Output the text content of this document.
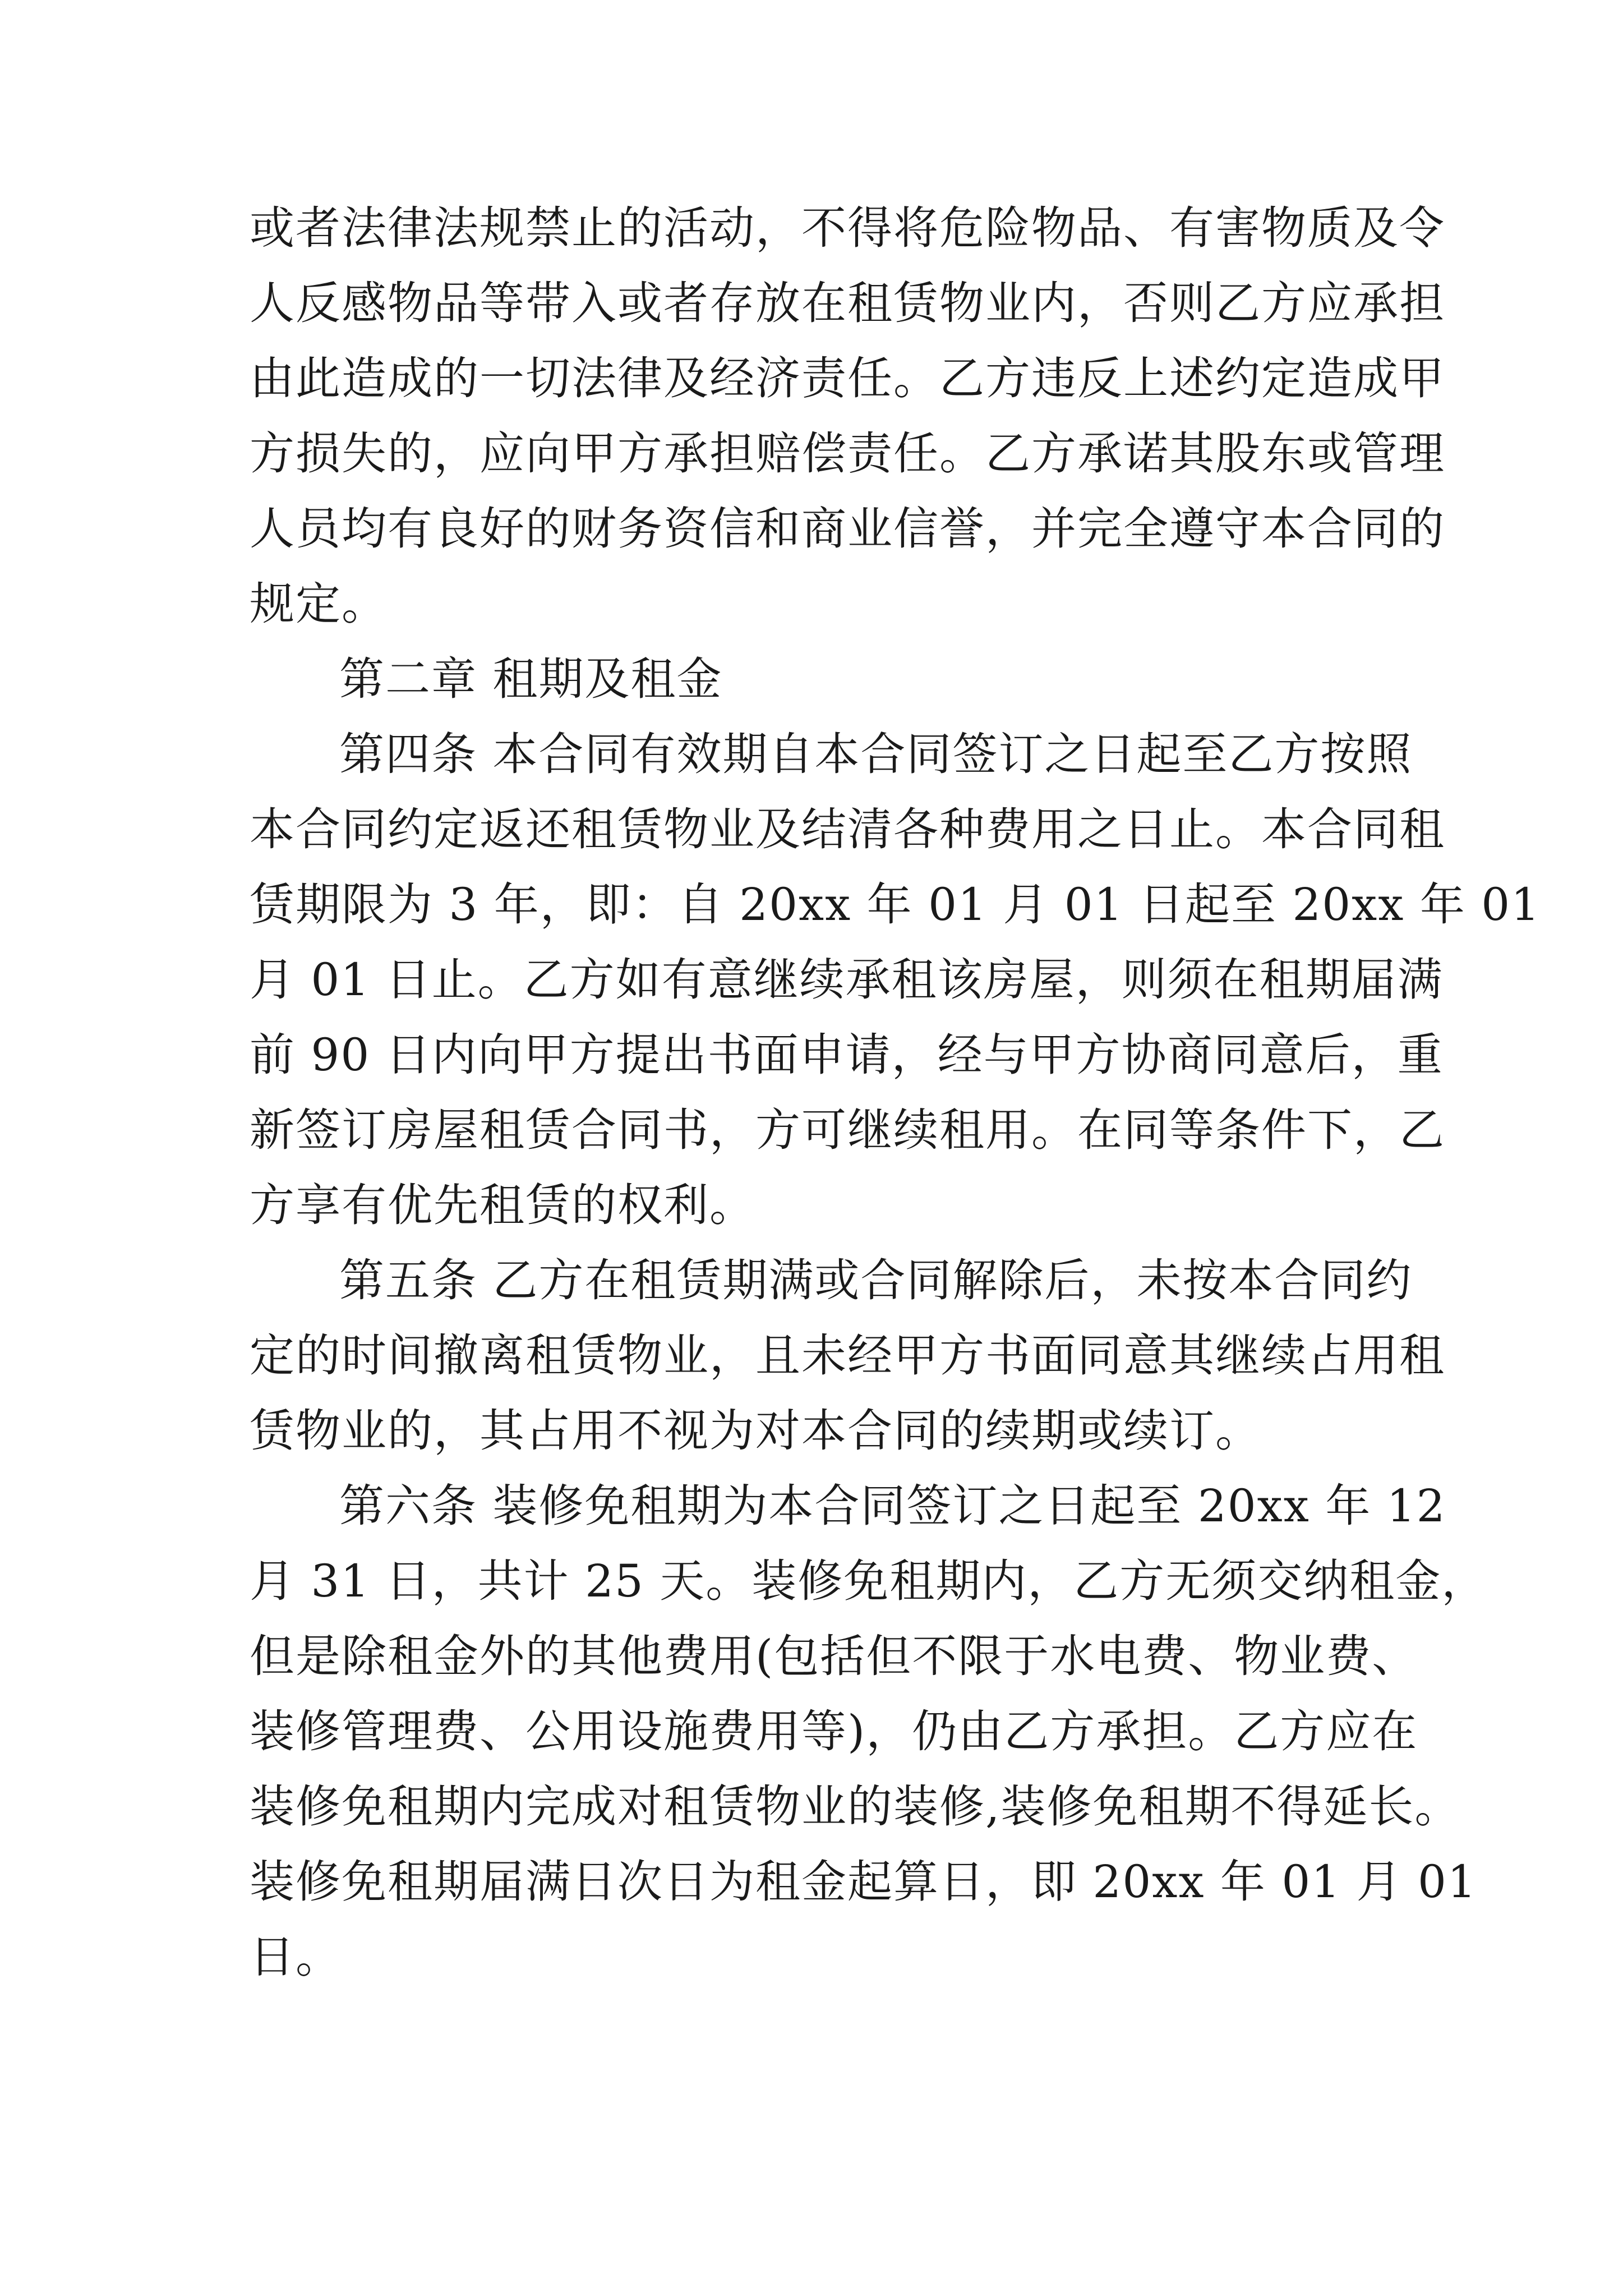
或者法律法规禁止的活动，不得将危险物品、有害物质及令
人反感物品等带入或者存放在租赁物业内，否则乙方应承担
由此造成的一切法律及经济责任。乙方违反上述约定造成甲
方损失的，应向甲方承担赔偿责任。乙方承诺其股东或管理
人员均有良好的财务资信和商业信誉，并完全遵守本合同的
规定。
第二章 租期及租金
第四条 本合同有效期自本合同签订之日起至乙方按照
本合同约定返还租赁物业及结清各种费用之日止。本合同租
赁期限为 3 年，即：自 20xx 年 01 月 01 日起至 20xx 年 01
月 01 日止。乙方如有意继续承租该房屋，则须在租期届满
前 90 日内向甲方提出书面申请，经与甲方协商同意后，重
新签订房屋租赁合同书，方可继续租用。在同等条件下，乙
方享有优先租赁的权利。
第五条 乙方在租赁期满或合同解除后，未按本合同约
定的时间撤离租赁物业，且未经甲方书面同意其继续占用租
赁物业的，其占用不视为对本合同的续期或续订。
第六条 装修免租期为本合同签订之日起至 20xx 年 12
月 31 日，共计 25 天。装修免租期内，乙方无须交纳租金，
但是除租金外的其他费用(包括但不限于水电费、物业费、
装修管理费、公用设施费用等)，仍由乙方承担。乙方应在
装修免租期内完成对租赁物业的装修,装修免租期不得延长。
装修免租期届满日次日为租金起算日，即 20xx 年 01 月 01
日。
